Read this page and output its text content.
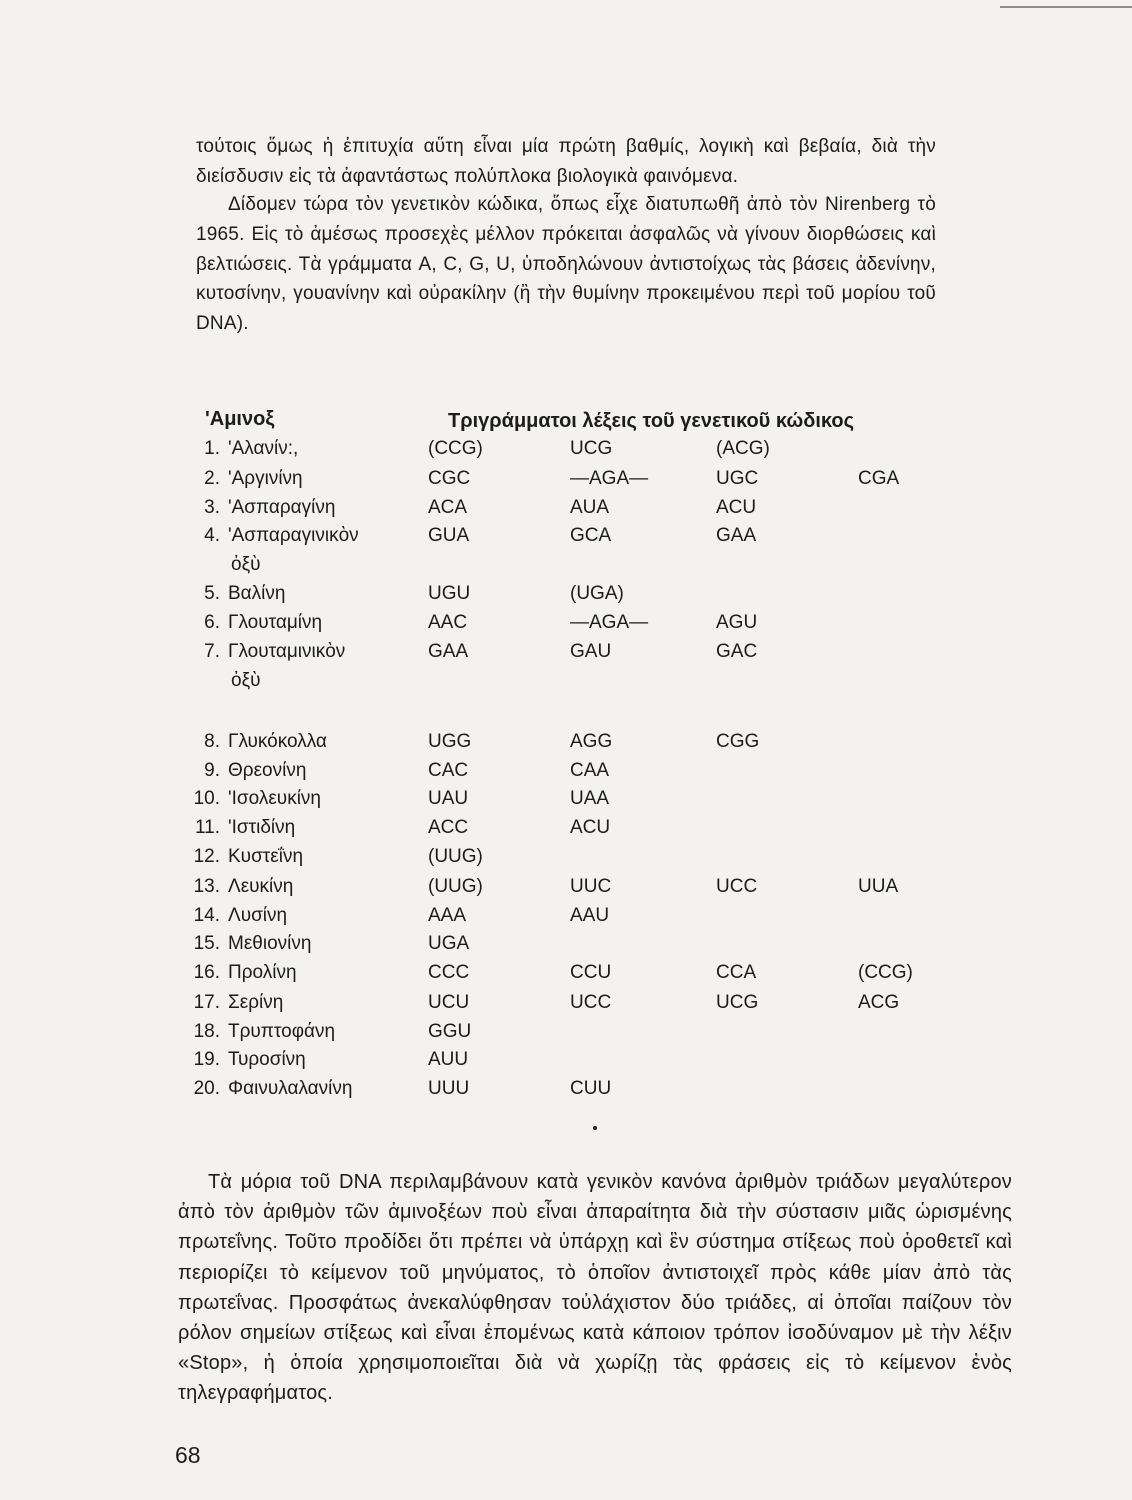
τούτοις ὅμως ἡ ἐπιτυχία αὕτη εἶναι μία πρώτη βαθμίς, λογικὴ καὶ βεβαία, διὰ τὴν διείσδυσιν εἰς τὰ ἀφαντάστως πολύπλοκα βιολογικὰ φαινόμενα.

Δίδομεν τώρα τὸν γενετικὸν κώδικα, ὅπως εἶχε διατυπωθῆ ἀπὸ τὸν Nirenberg τὸ 1965. Εἰς τὸ ἀμέσως προσεχὲς μέλλον πρόκειται ἀσφαλῶς νὰ γίνουν διορθώσεις καὶ βελτιώσεις. Τὰ γράμματα A, C, G, U, ὑποδηλώνουν ἀντιστοίχως τὰς βάσεις ἀδενίνην, κυτοσίνην, γουανίνην καὶ οὐρακίλην (ἢ τὴν θυμίνην προκειμένου περὶ τοῦ μορίου τοῦ DNA).

'Αμινοξ	Τριγράμματοι λέξεις τοῦ γενετικοῦ κώδικος
1. 'Αλανίν:,	(CCG)	UCG	(ACG)
2. 'Αργινίνη	CGC	—AGA—	UGC	CGA
3. 'Ασπαραγίνη	ACA	AUA	ACU
4. 'Ασπαραγινικὸν	GUA	GCA	GAA
ὀξὺ
5. Βαλίνη	UGU	(UGA)
6. Γλουταμίνη	AAC	—AGA—	AGU
7. Γλουταμινικὸν	GAA	GAU	GAC
ὀξὺ
8. Γλυκόκολλα	UGG	AGG	CGG
9. Θρεονίνη	CAC	CAA
10. 'Ισολευκίνη	UAU	UAA
11. 'Ιστιδίνη	ACC	ACU
12. Κυστεΐνη	(UUG)
13. Λευκίνη	(UUG)	UUC	UCC	UUA
14. Λυσίνη	AAA	AAU
15. Μεθιονίνη	UGA
16. Προλίνη	CCC	CCU	CCA	(CCG)
17. Σερίνη	UCU	UCC	UCG	ACG
18. Τρυπτοφάνη	GGU
19. Τυροσίνη	AUU
20. Φαινυλαλανίνη	UUU	CUU

Τὰ μόρια τοῦ DNA περιλαμβάνουν κατὰ γενικὸν κανόνα ἀριθμὸν τριάδων μεγαλύτερον ἀπὸ τὸν ἀριθμὸν τῶν ἀμινοξέων ποὺ εἶναι ἀπαραίτητα διὰ τὴν σύστασιν μιᾶς ὡρισμένης πρωτεΐνης. Τοῦτο προδίδει ὅτι πρέπει νὰ ὑπάρχῃ καὶ ἓν σύστημα στίξεως ποὺ ὁροθετεῖ καὶ περιορίζει τὸ κείμενον τοῦ μηνύματος, τὸ ὁποῖον ἀντιστοιχεῖ πρὸς κάθε μίαν ἀπὸ τὰς πρωτεΐνας. Προσφάτως ἀνεκαλύφθησαν τοὐλάχιστον δύο τριάδες, αἱ ὁποῖαι παίζουν τὸν ρόλον σημείων στίξεως καὶ εἶναι ἐπομένως κατὰ κάποιον τρόπον ἰσοδύναμον μὲ τὴν λέξιν «Stop», ἡ ὁποία χρησιμοποιεῖται διὰ νὰ χωρίζῃ τὰς φράσεις εἰς τὸ κείμενον ἑνὸς τηλεγραφήματος.

68
